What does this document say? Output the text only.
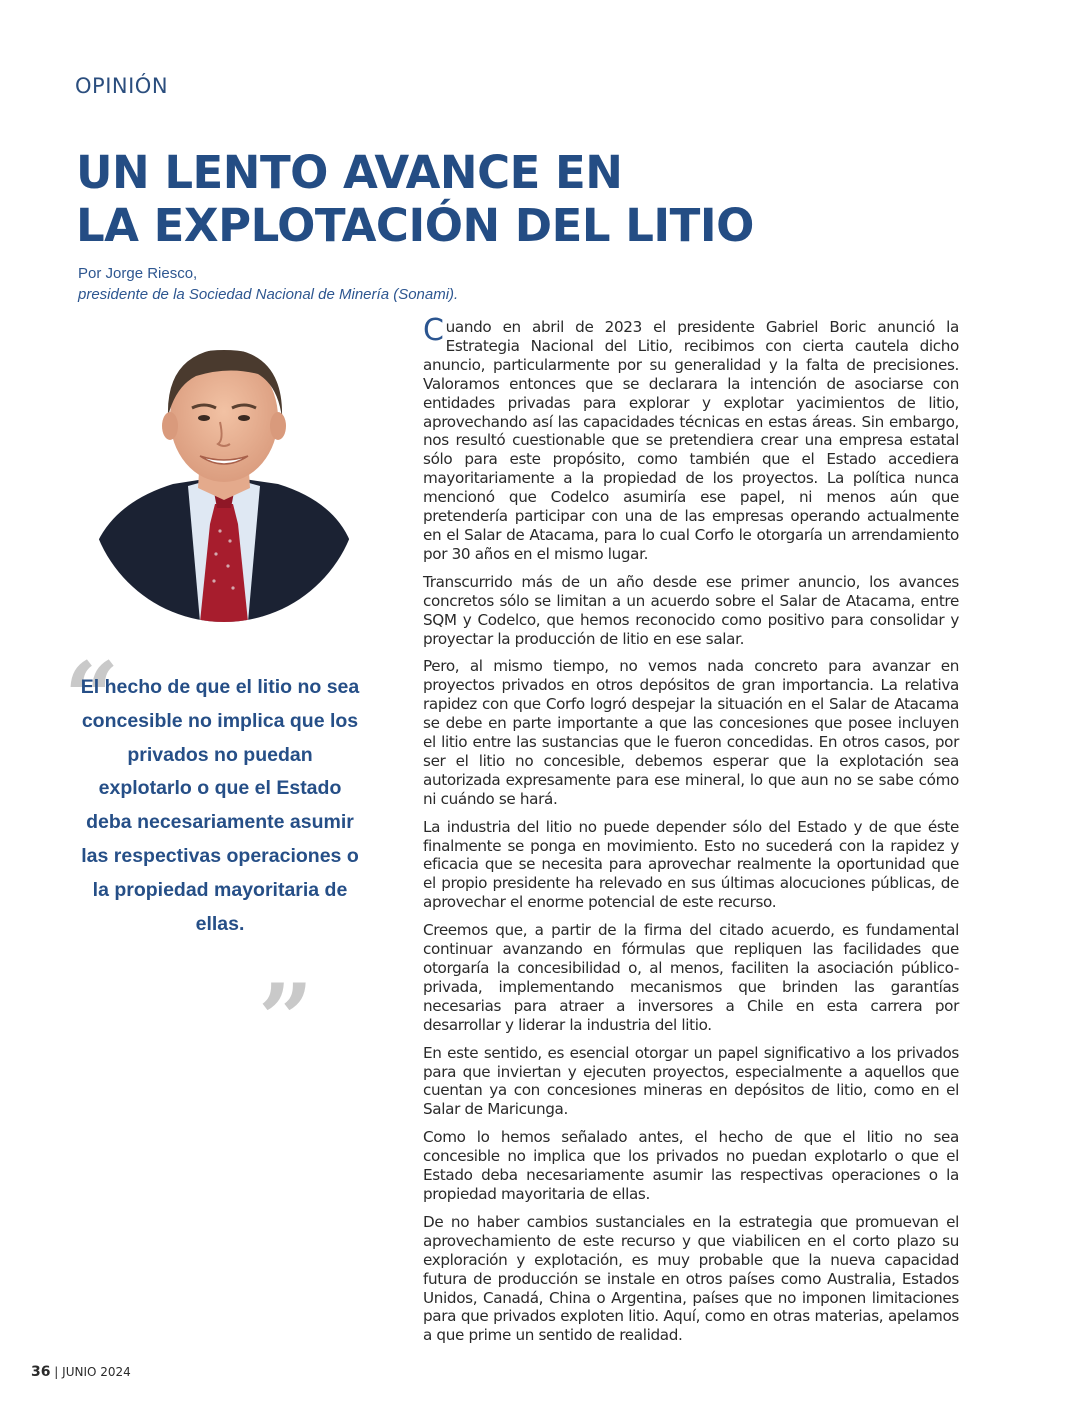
OPINIÓN
UN LENTO AVANCE EN
LA EXPLOTACIÓN DEL LITIO
Por Jorge Riesco,
presidente de la Sociedad Nacional de Minería (Sonami).
“

El hecho de que el litio no sea concesible no implica que los privados no puedan explotarlo o que el Estado deba necesariamente asumir las respectivas operaciones o la propiedad mayoritaria de ellas.

”

Cuando en abril de 2023 el presidente Gabriel Boric anunció la Estrategia Nacional del Litio, recibimos con cierta cautela dicho anuncio, particularmente por su generalidad y la falta de precisiones. Valoramos entonces que se declarara la intención de asociarse con entidades privadas para explorar y explotar yacimientos de litio, aprovechando así las capacidades técnicas en estas áreas. Sin embargo, nos resultó cuestionable que se pretendiera crear una empresa estatal sólo para este propósito, como también que el Estado accediera mayoritariamente a la propiedad de los proyectos. La política nunca mencionó que Codelco asumiría ese papel, ni menos aún que pretendería participar con una de las empresas operando actualmente en el Salar de Atacama, para lo cual Corfo le otorgaría un arrendamiento por 30 años en el mismo lugar.

Transcurrido más de un año desde ese primer anuncio, los avances concretos sólo se limitan a un acuerdo sobre el Salar de Atacama, entre SQM y Codelco, que hemos reconocido como positivo para consolidar y proyectar la producción de litio en ese salar.

Pero, al mismo tiempo, no vemos nada concreto para avanzar en proyectos privados en otros depósitos de gran importancia. La relativa rapidez con que Corfo logró despejar la situación en el Salar de Atacama se debe en parte importante a que las concesiones que posee incluyen el litio entre las sustancias que le fueron concedidas. En otros casos, por ser el litio no concesible, debemos esperar que la explotación sea autorizada expresamente para ese mineral, lo que aun no se sabe cómo ni cuándo se hará.

La industria del litio no puede depender sólo del Estado y de que éste finalmente se ponga en movimiento. Esto no sucederá con la rapidez y eficacia que se necesita para aprovechar realmente la oportunidad que el propio presidente ha relevado en sus últimas alocuciones públicas, de aprovechar el enorme potencial de este recurso.

Creemos que, a partir de la firma del citado acuerdo, es fundamental continuar avanzando en fórmulas que repliquen las facilidades que otorgaría la concesibilidad o, al menos, faciliten la asociación público-privada, implementando mecanismos que brinden las garantías necesarias para atraer a inversores a Chile en esta carrera por desarrollar y liderar la industria del litio.

En este sentido, es esencial otorgar un papel significativo a los privados para que inviertan y ejecuten proyectos, especialmente a aquellos que cuentan ya con concesiones mineras en depósitos de litio, como en el Salar de Maricunga.

Como lo hemos señalado antes, el hecho de que el litio no sea concesible no implica que los privados no puedan explotarlo o que el Estado deba necesariamente asumir las respectivas operaciones o la propiedad mayoritaria de ellas.

De no haber cambios sustanciales en la estrategia que promuevan el aprovechamiento de este recurso y que viabilicen en el corto plazo su exploración y explotación, es muy probable que la nueva capacidad futura de producción se instale en otros países como Australia, Estados Unidos, Canadá, China o Argentina, países que no imponen limitaciones para que privados exploten litio. Aquí, como en otras materias, apelamos a que prime un sentido de realidad.

36 | JUNIO 2024
